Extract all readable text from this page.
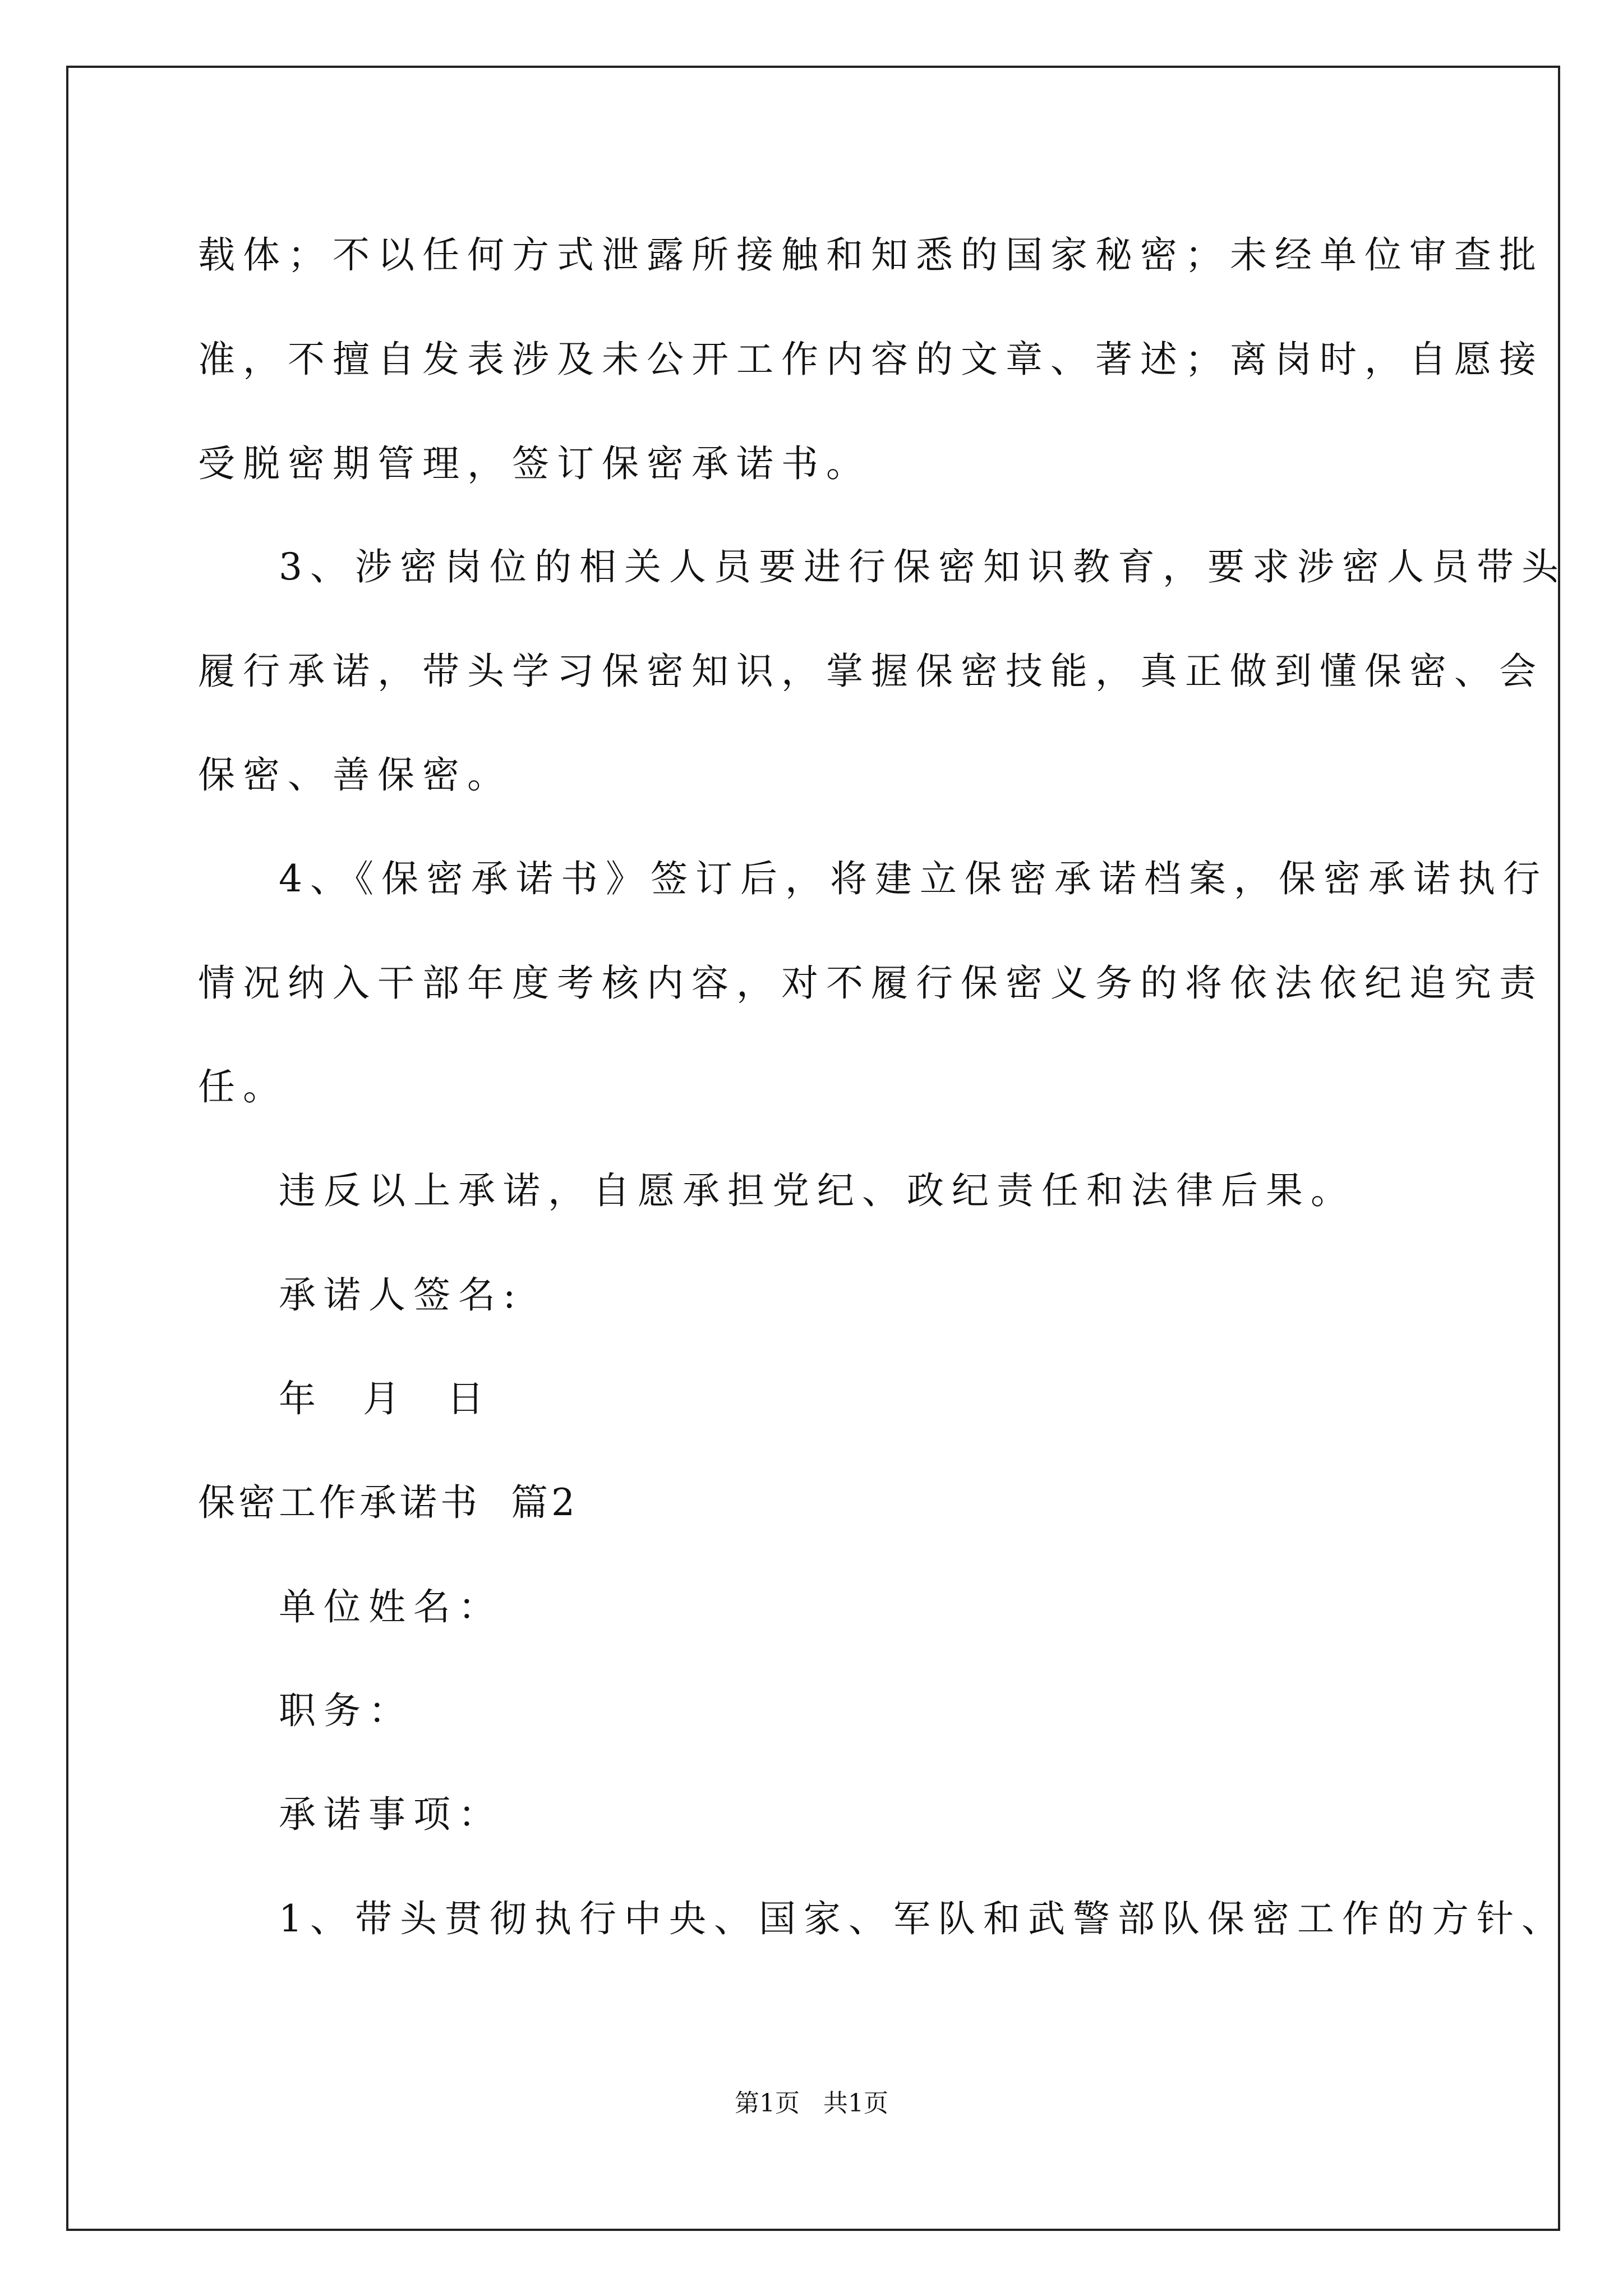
载体；不以任何方式泄露所接触和知悉的国家秘密；未经单位审查批
准，不擅自发表涉及未公开工作内容的文章、著述；离岗时，自愿接
受脱密期管理，签订保密承诺书。
3、涉密岗位的相关人员要进行保密知识教育，要求涉密人员带头
履行承诺，带头学习保密知识，掌握保密技能，真正做到懂保密、会
保密、善保密。
4、《保密承诺书》签订后，将建立保密承诺档案，保密承诺执行
情况纳入干部年度考核内容，对不履行保密义务的将依法依纪追究责
任。
违反以上承诺，自愿承担党纪、政纪责任和法律后果。
承诺人签名:
年  月  日
保密工作承诺书  篇2
单位姓名：
职务：
承诺事项：
1、带头贯彻执行中央、国家、军队和武警部队保密工作的方针、
第1页   共1页
